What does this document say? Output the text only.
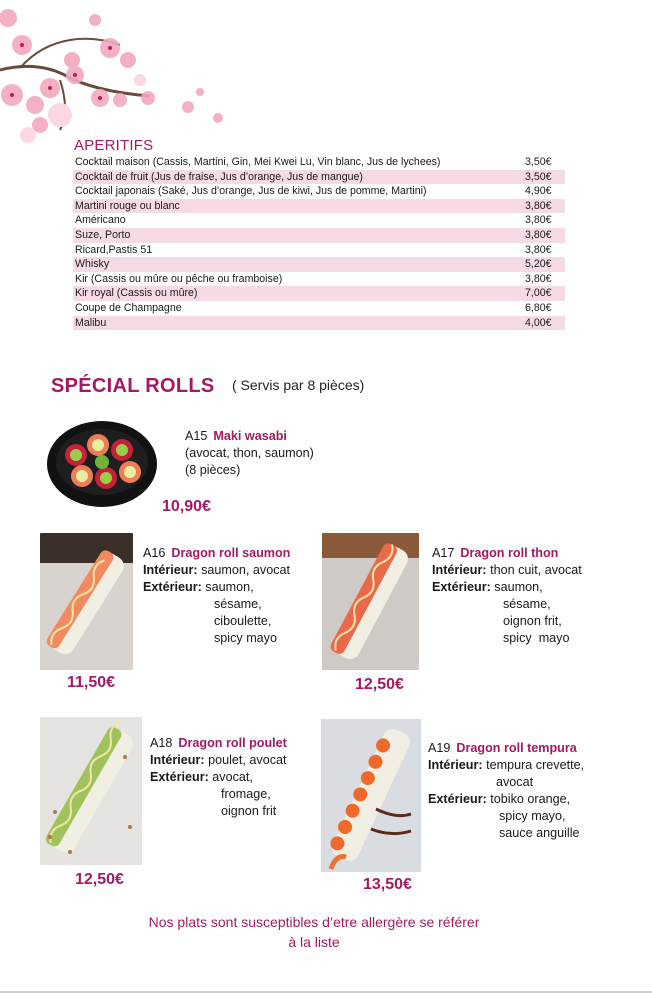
APERITIFS
Cocktail maison (Cassis, Martini, Gin, Mei Kwei Lu, Vin blanc, Jus de lychees)	3,50€
Cocktail de fruit (Jus de fraise, Jus d’orange, Jus de mangue)	3,50€
Cocktail japonais (Saké, Jus d’orange, Jus de kiwi, Jus de pomme, Martini)	4,90€
Martini rouge ou blanc	3,80€
Américano	3,80€
Suze, Porto	3,80€
Ricard,Pastis 51	3,80€
Whisky	5,20€
Kir (Cassis ou mûre ou pêche ou framboise)	3,80€
Kir royal (Cassis ou mûre)	7,00€
Coupe de Champagne	6,80€
Malibu	4,00€
SPÉCIAL ROLLS ( Servis par 8 pièces)
A15 Maki wasabi
(avocat, thon, saumon)
(8 pièces)
10,90€
A16 Dragon roll saumon
Intérieur: saumon, avocat
Extérieur: saumon,
sésame,
ciboulette,
spicy mayo
11,50€
A17 Dragon roll thon
Intérieur: thon cuit, avocat
Extérieur: saumon,
sésame,
oignon frit,
spicy  mayo
12,50€
A18 Dragon roll poulet
Intérieur: poulet, avocat
Extérieur: avocat,
fromage,
oignon frit
12,50€
A19 Dragon roll tempura
Intérieur: tempura crevette,
avocat
Extérieur: tobiko orange,
spicy mayo,
sauce anguille
13,50€
Nos plats sont susceptibles d’etre allergère se référer
à la liste
